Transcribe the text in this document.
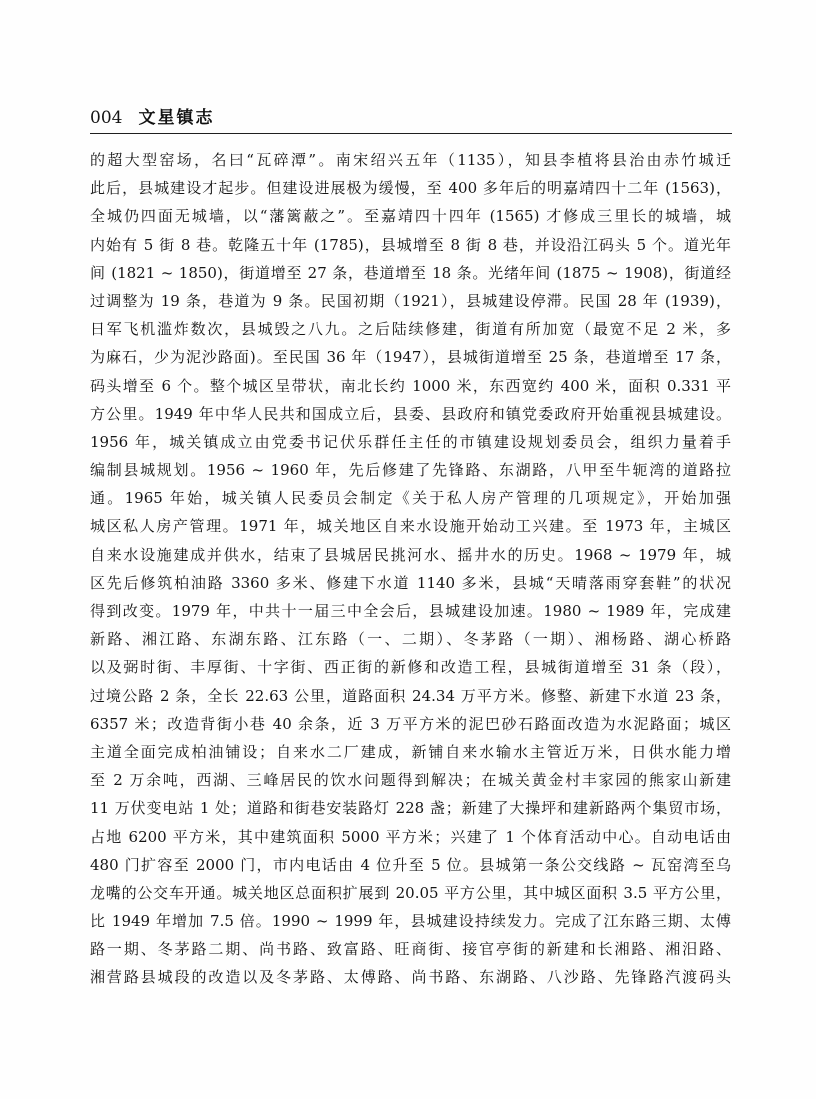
004 文星镇志
的超大型窑场，名曰“瓦碎潭”。南宋绍兴五年（1135），知县李植将县治由赤竹城迁
此后，县城建设才起步。但建设进展极为缓慢，至 400 多年后的明嘉靖四十二年 (1563)，
全城仍四面无城墙，以“藩篱蔽之”。至嘉靖四十四年 (1565) 才修成三里长的城墙，城
内始有 5 街 8 巷。乾隆五十年 (1785)，县城增至 8 街 8 巷，并设沿江码头 5 个。道光年
间 (1821 ~ 1850)，街道增至 27 条，巷道增至 18 条。光绪年间 (1875 ~ 1908)，街道经
过调整为 19 条，巷道为 9 条。民国初期（1921），县城建设停滞。民国 28 年 (1939)，
日军飞机滥炸数次，县城毁之八九。之后陆续修建，街道有所加宽（最宽不足 2 米，多
为麻石，少为泥沙路面)。至民国 36 年（1947），县城街道增至 25 条，巷道增至 17 条，
码头增至 6 个。整个城区呈带状，南北长约 1000 米，东西宽约 400 米，面积 0.331 平
方公里。1949 年中华人民共和国成立后，县委、县政府和镇党委政府开始重视县城建设。
1956 年，城关镇成立由党委书记伏乐群任主任的市镇建设规划委员会，组织力量着手
编制县城规划。1956 ~ 1960 年，先后修建了先锋路、东湖路，八甲至牛轭湾的道路拉
通。1965 年始，城关镇人民委员会制定《关于私人房产管理的几项规定》，开始加强
城区私人房产管理。1971 年，城关地区自来水设施开始动工兴建。至 1973 年，主城区
自来水设施建成并供水，结束了县城居民挑河水、摇井水的历史。1968 ~ 1979 年，城
区先后修筑柏油路 3360 多米、修建下水道 1140 多米，县城“天晴落雨穿套鞋”的状况
得到改变。1979 年，中共十一届三中全会后，县城建设加速。1980 ~ 1989 年，完成建
新路、湘江路、东湖东路、江东路（一、二期）、冬茅路（一期）、湘杨路、湖心桥路
以及弼时街、丰厚街、十字街、西正街的新修和改造工程，县城街道增至 31 条（段），
过境公路 2 条，全长 22.63 公里，道路面积 24.34 万平方米。修整、新建下水道 23 条，
6357 米；改造背街小巷 40 余条，近 3 万平方米的泥巴砂石路面改造为水泥路面；城区
主道全面完成柏油铺设；自来水二厂建成，新铺自来水输水主管近万米，日供水能力增
至 2 万余吨，西湖、三峰居民的饮水问题得到解决；在城关黄金村丰家园的熊家山新建
11 万伏变电站 1 处；道路和街巷安装路灯 228 盏；新建了大操坪和建新路两个集贸市场，
占地 6200 平方米，其中建筑面积 5000 平方米；兴建了 1 个体育活动中心。自动电话由
480 门扩容至 2000 门，市内电话由 4 位升至 5 位。县城第一条公交线路 ~ 瓦窑湾至乌
龙嘴的公交车开通。城关地区总面积扩展到 20.05 平方公里，其中城区面积 3.5 平方公里，
比 1949 年增加 7.5 倍。1990 ~ 1999 年，县城建设持续发力。完成了江东路三期、太傅
路一期、冬茅路二期、尚书路、致富路、旺商街、接官亭街的新建和长湘路、湘汨路、
湘营路县城段的改造以及冬茅路、太傅路、尚书路、东湖路、八沙路、先锋路汽渡码头
